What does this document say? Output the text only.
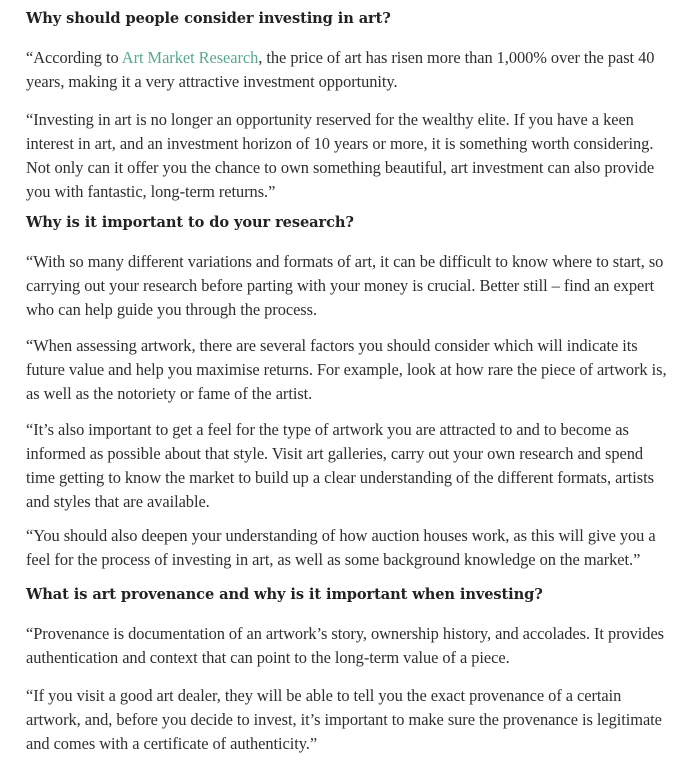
Why should people consider investing in art?

“According to Art Market Research, the price of art has risen more than 1,000% over the past 40 years, making it a very attractive investment opportunity.

“Investing in art is no longer an opportunity reserved for the wealthy elite. If you have a keen interest in art, and an investment horizon of 10 years or more, it is something worth considering. Not only can it offer you the chance to own something beautiful, art investment can also provide you with fantastic, long-term returns.”

Why is it important to do your research?

“With so many different variations and formats of art, it can be difficult to know where to start, so carrying out your research before parting with your money is crucial. Better still – find an expert who can help guide you through the process.

“When assessing artwork, there are several factors you should consider which will indicate its future value and help you maximise returns. For example, look at how rare the piece of artwork is, as well as the notoriety or fame of the artist.

“It’s also important to get a feel for the type of artwork you are attracted to and to become as informed as possible about that style. Visit art galleries, carry out your own research and spend time getting to know the market to build up a clear understanding of the different formats, artists and styles that are available.

“You should also deepen your understanding of how auction houses work, as this will give you a feel for the process of investing in art, as well as some background knowledge on the market.”

What is art provenance and why is it important when investing?

“Provenance is documentation of an artwork’s story, ownership history, and accolades. It provides authentication and context that can point to the long-term value of a piece.

“If you visit a good art dealer, they will be able to tell you the exact provenance of a certain artwork, and, before you decide to invest, it’s important to make sure the provenance is legitimate and comes with a certificate of authenticity.”
